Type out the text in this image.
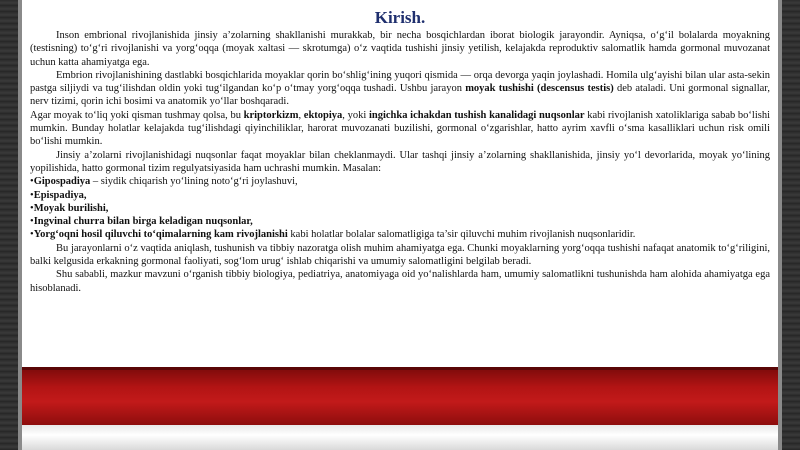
Kirish.

Inson embrional rivojlanishida jinsiy a’zolarning shakllanishi murakkab, bir necha bosqichlardan iborat biologik jarayondir. Ayniqsa, o‘g‘il bolalarda moyakning (testisning) to‘g‘ri rivojlanishi va yorg‘oqqa (moyak xaltasi — skrotumga) o‘z vaqtida tushishi jinsiy yetilish, kelajakda reproduktiv salomatlik hamda gormonal muvozanat uchun katta ahamiyatga ega.

Embrion rivojlanishining dastlabki bosqichlarida moyaklar qorin bo‘shlig‘ining yuqori qismida — orqa devorga yaqin joylashadi. Homila ulg‘ayishi bilan ular asta-sekin pastga siljiydi va tug‘ilishdan oldin yoki tug‘ilgandan ko‘p o‘tmay yorg‘oqqa tushadi. Ushbu jarayon moyak tushishi (descensus testis) deb ataladi. Uni gormonal signallar, nerv tizimi, qorin ichi bosimi va anatomik yo‘llar boshqaradi.

Agar moyak to‘liq yoki qisman tushmay qolsa, bu kriptorkizm, ektopiya, yoki ingichka ichakdan tushish kanalidagi nuqsonlar kabi rivojlanish xatoliklariga sabab bo‘lishi mumkin. Bunday holatlar kelajakda tug‘ilishdagi qiyinchiliklar, harorat muvozanati buzilishi, gormonal o‘zgarishlar, hatto ayrim xavfli o‘sma kasalliklari uchun risk omili bo‘lishi mumkin.

Jinsiy a’zolarni rivojlanishidagi nuqsonlar faqat moyaklar bilan cheklanmaydi. Ular tashqi jinsiy a’zolarning shakllanishida, jinsiy yo‘l devorlarida, moyak yo‘lining yopilishida, hatto gormonal tizim regulyatsiyasida ham uchrashi mumkin. Masalan:

•Gipospadiya – siydik chiqarish yo‘lining noto‘g‘ri joylashuvi,

•Epispadiya,

•Moyak burilishi,

•Ingvinal churra bilan birga keladigan nuqsonlar,

•Yorg‘oqni hosil qiluvchi to‘qimalarning kam rivojlanishi kabi holatlar bolalar salomatligiga ta’sir qiluvchi muhim rivojlanish nuqsonlaridir.

Bu jarayonlarni o‘z vaqtida aniqlash, tushunish va tibbiy nazoratga olish muhim ahamiyatga ega. Chunki moyaklarning yorg‘oqqa tushishi nafaqat anatomik to‘g‘riligini, balki kelgusida erkakning gormonal faoliyati, sog‘lom urug‘ ishlab chiqarishi va umumiy salomatligini belgilab beradi.

Shu sababli, mazkur mavzuni o‘rganish tibbiy biologiya, pediatriya, anatomiyaga oid yo‘nalishlarda ham, umumiy salomatlikni tushunishda ham alohida ahamiyatga ega hisoblanadi.
